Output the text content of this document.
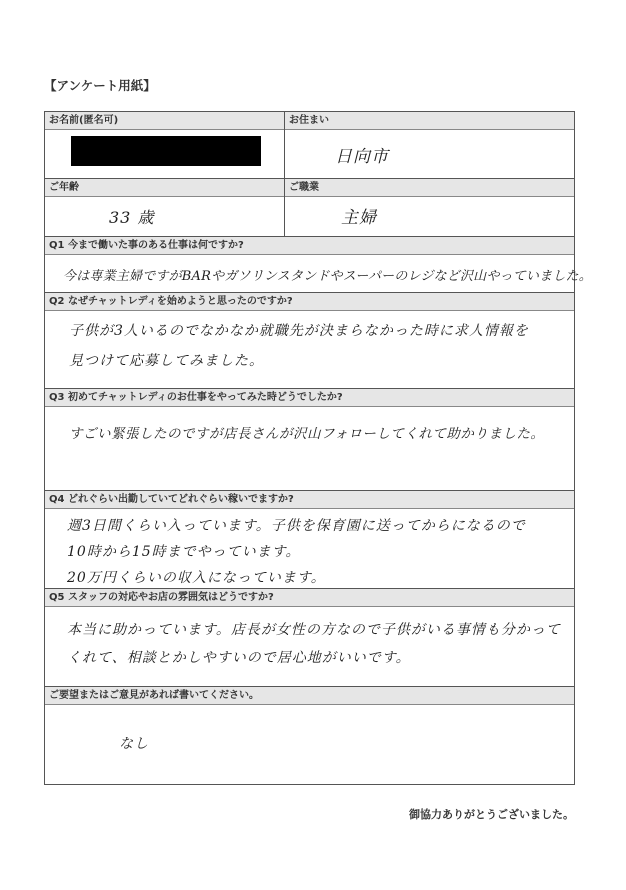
【アンケート用紙】
お名前(匿名可)	お住まい
日向市
ご年齢
33 歳
ご職業
主婦
Q1 今まで働いた事のある仕事は何ですか?
今は専業主婦ですがBARやガソリンスタンドやスーパーのレジなど沢山やっていました。
Q2 なぜチャットレディを始めようと思ったのですか?
子供が3人いるのでなかなか就職先が決まらなかった時に求人情報を
見つけて応募してみました。
Q3 初めてチャットレディのお仕事をやってみた時どうでしたか?
すごい緊張したのですが店長さんが沢山フォローしてくれて助かりました。
Q4 どれぐらい出勤していてどれぐらい稼いでますか?
週3日間くらい入っています。子供を保育園に送ってからになるので
10時から15時までやっています。
20万円くらいの収入になっています。
Q5 スタッフの対応やお店の雰囲気はどうですか?
本当に助かっています。店長が女性の方なので子供がいる事情も分かって
くれて、相談とかしやすいので居心地がいいです。
ご要望またはご意見があれば書いてください。
なし
御協力ありがとうございました。
